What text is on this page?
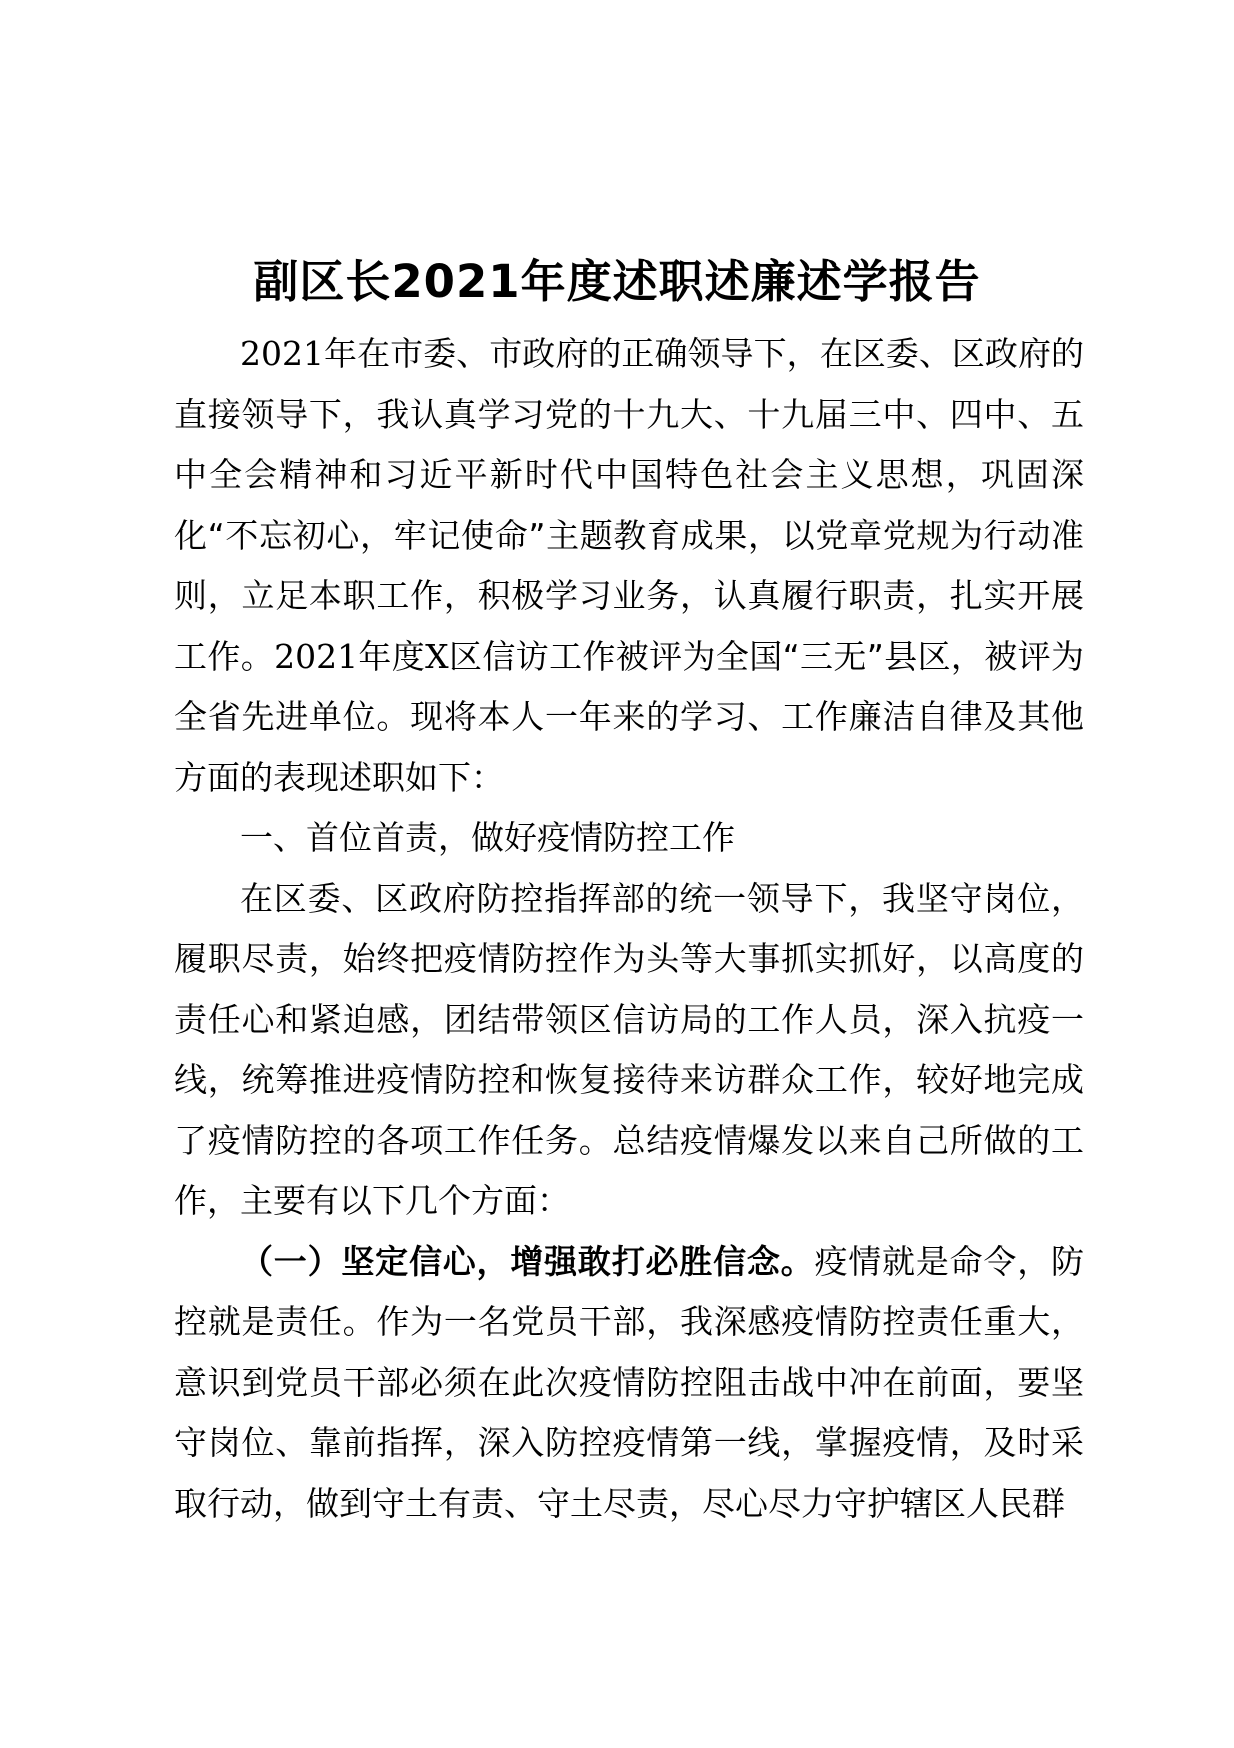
副区长2021年度述职述廉述学报告

2021年在市委、市政府的正确领导下，在区委、区政府的直接领导下，我认真学习党的十九大、十九届三中、四中、五中全会精神和习近平新时代中国特色社会主义思想，巩固深化“不忘初心，牢记使命”主题教育成果，以党章党规为行动准则，立足本职工作，积极学习业务，认真履行职责，扎实开展工作。2021年度X区信访工作被评为全国“三无”县区，被评为全省先进单位。现将本人一年来的学习、工作廉洁自律及其他方面的表现述职如下：

一、首位首责，做好疫情防控工作

在区委、区政府防控指挥部的统一领导下，我坚守岗位，履职尽责，始终把疫情防控作为头等大事抓实抓好，以高度的责任心和紧迫感，团结带领区信访局的工作人员，深入抗疫一线，统筹推进疫情防控和恢复接待来访群众工作，较好地完成了疫情防控的各项工作任务。总结疫情爆发以来自己所做的工作，主要有以下几个方面：

（一）坚定信心，增强敢打必胜信念。疫情就是命令，防控就是责任。作为一名党员干部，我深感疫情防控责任重大，意识到党员干部必须在此次疫情防控阻击战中冲在前面，要坚守岗位、靠前指挥，深入防控疫情第一线，掌握疫情，及时采取行动，做到守土有责、守土尽责，尽心尽力守护辖区人民群
